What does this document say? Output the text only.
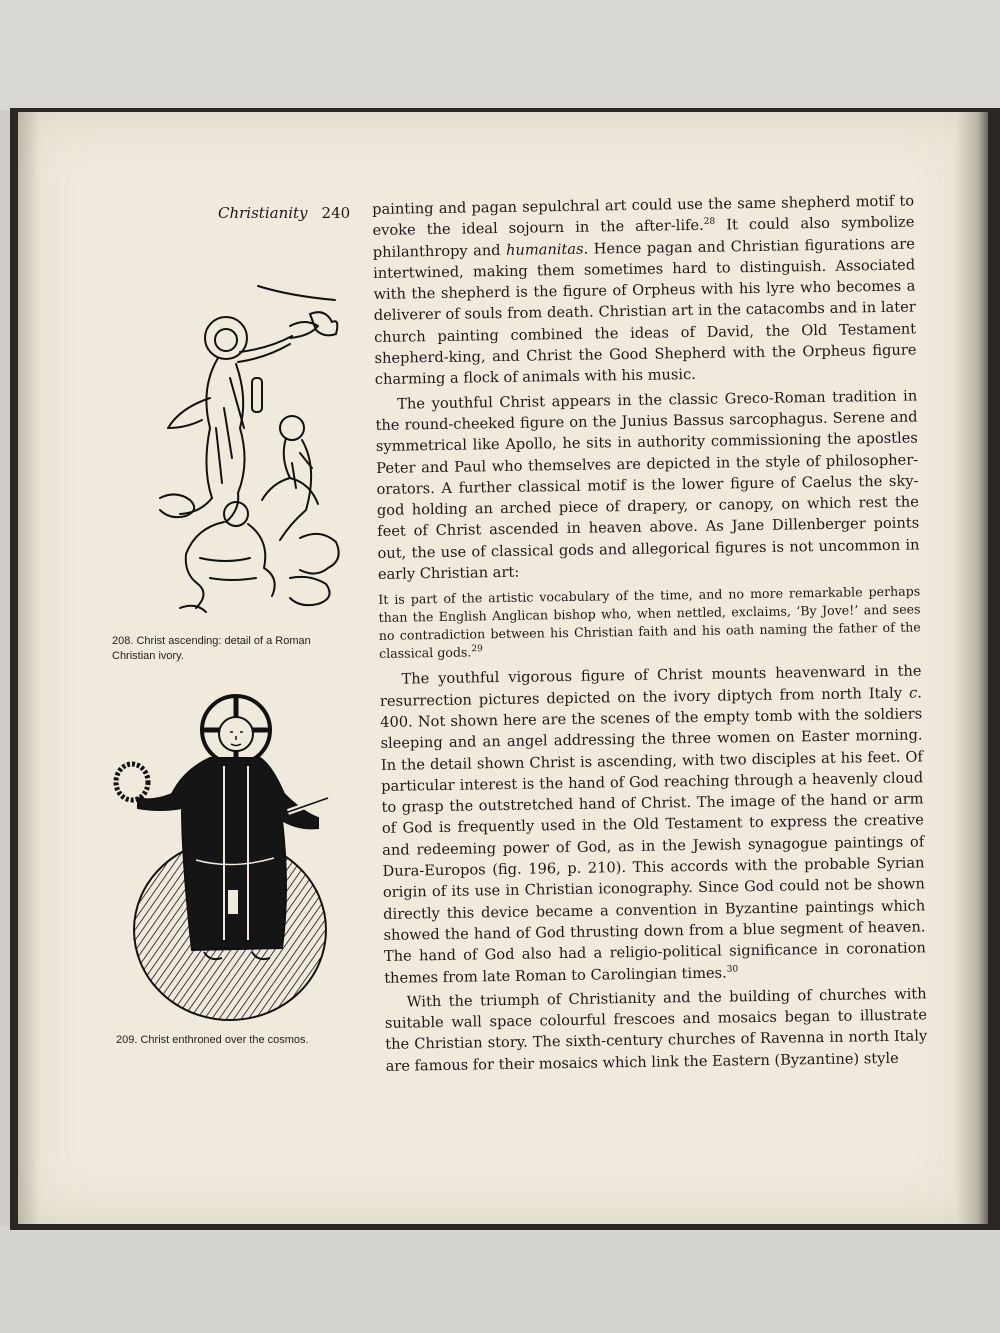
Christianity 240
208. Christ ascending: detail of a Roman Christian ivory.
209. Christ enthroned over the cosmos.

painting and pagan sepulchral art could use the same shepherd motif to evoke the ideal sojourn in the after-life.$^{28}$ It could also symbolize philanthropy and humanitas. Hence pagan and Christian figurations are intertwined, making them sometimes hard to distinguish. Associated with the shepherd is the figure of Orpheus with his lyre who becomes a deliverer of souls from death. Christian art in the catacombs and in later church painting combined the ideas of David, the Old Testament shepherd-king, and Christ the Good Shepherd with the Orpheus figure charming a flock of animals with his music.

The youthful Christ appears in the classic Greco-Roman tradition in the round-cheeked figure on the Junius Bassus sarcophagus. Serene and symmetrical like Apollo, he sits in authority commissioning the apostles Peter and Paul who themselves are depicted in the style of philosopher-orators. A further classical motif is the lower figure of Caelus the sky-god holding an arched piece of drapery, or canopy, on which rest the feet of Christ ascended in heaven above. As Jane Dillenberger points out, the use of classical gods and allegorical figures is not uncommon in early Christian art:

It is part of the artistic vocabulary of the time, and no more remarkable perhaps than the English Anglican bishop who, when nettled, exclaims, ‘By Jove!’ and sees no contradiction between his Christian faith and his oath naming the father of the classical gods.$^{29}$

The youthful vigorous figure of Christ mounts heavenward in the resurrection pictures depicted on the ivory diptych from north Italy c. 400. Not shown here are the scenes of the empty tomb with the soldiers sleeping and an angel addressing the three women on Easter morning. In the detail shown Christ is ascending, with two disciples at his feet. Of particular interest is the hand of God reaching through a heavenly cloud to grasp the outstretched hand of Christ. The image of the hand or arm of God is frequently used in the Old Testament to express the creative and redeeming power of God, as in the Jewish synagogue paintings of Dura-Europos (fig. 196, p. 210). This accords with the probable Syrian origin of its use in Christian iconography. Since God could not be shown directly this device became a convention in Byzantine paintings which showed the hand of God thrusting down from a blue segment of heaven. The hand of God also had a religio-political significance in coronation themes from late Roman to Carolingian times.$^{30}$

With the triumph of Christianity and the building of churches with suitable wall space colourful frescoes and mosaics began to illustrate the Christian story. The sixth-century churches of Ravenna in north Italy are famous for their mosaics which link the Eastern (Byzantine) style
